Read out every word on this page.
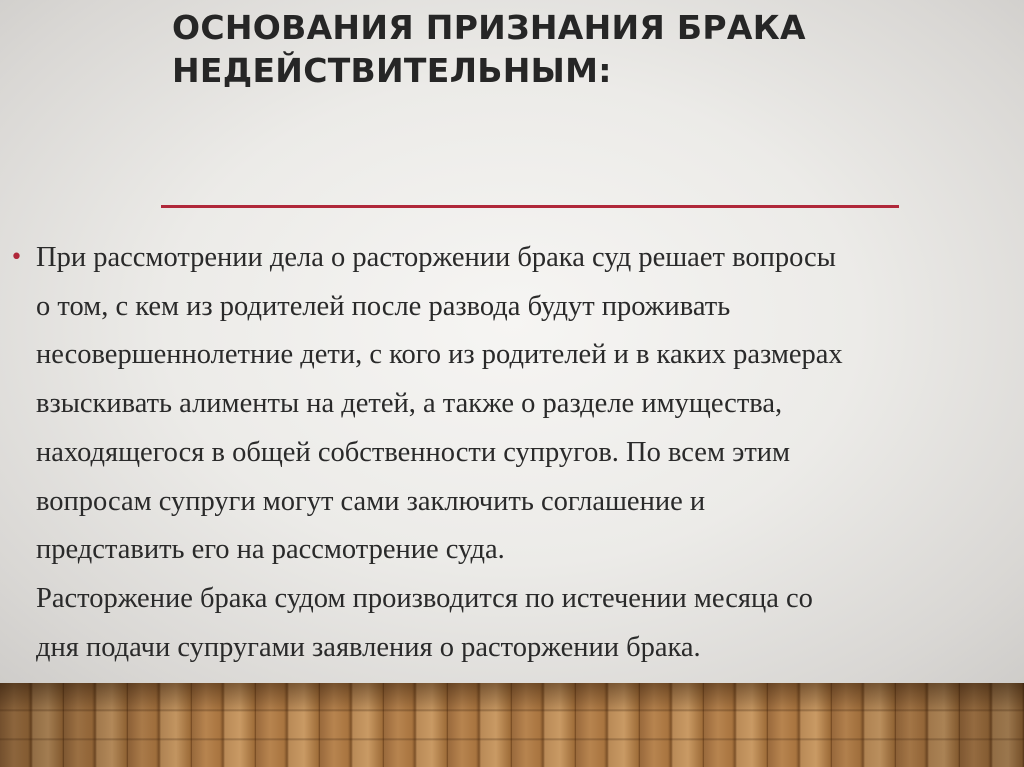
ОСНОВАНИЯ ПРИЗНАНИЯ БРАКА
НЕДЕЙСТВИТЕЛЬНЫМ:
• При рассмотрении дела о расторжении брака суд решает вопросы
о том, с кем из родителей после развода будут проживать
несовершеннолетние дети, с кого из родителей и в каких размерах
взыскивать алименты на детей, а также о разделе имущества,
находящегося в общей собственности супругов. По всем этим
вопросам супруги могут сами заключить соглашение и
представить его на рассмотрение суда.
Расторжение брака судом производится по истечении месяца со
дня подачи супругами заявления о расторжении брака.
